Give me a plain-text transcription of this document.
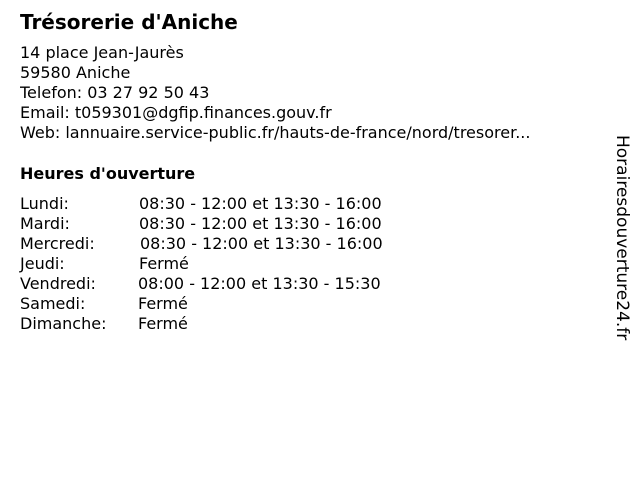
Trésorerie d'Aniche
14 place Jean-Jaurès
59580 Aniche
Telefon: 03 27 92 50 43
Email: t059301@dgfip.finances.gouv.fr
Web: lannuaire.service-public.fr/hauts-de-france/nord/tresorer...
Heures d'ouverture
Lundi:	08:30 - 12:00 et 13:30 - 16:00
Mardi:	08:30 - 12:00 et 13:30 - 16:00
Mercredi:	08:30 - 12:00 et 13:30 - 16:00
Jeudi:	Fermé
Vendredi:	08:00 - 12:00 et 13:30 - 15:30
Samedi:	Fermé
Dimanche: Fermé	Horairesdouverture24.fr
